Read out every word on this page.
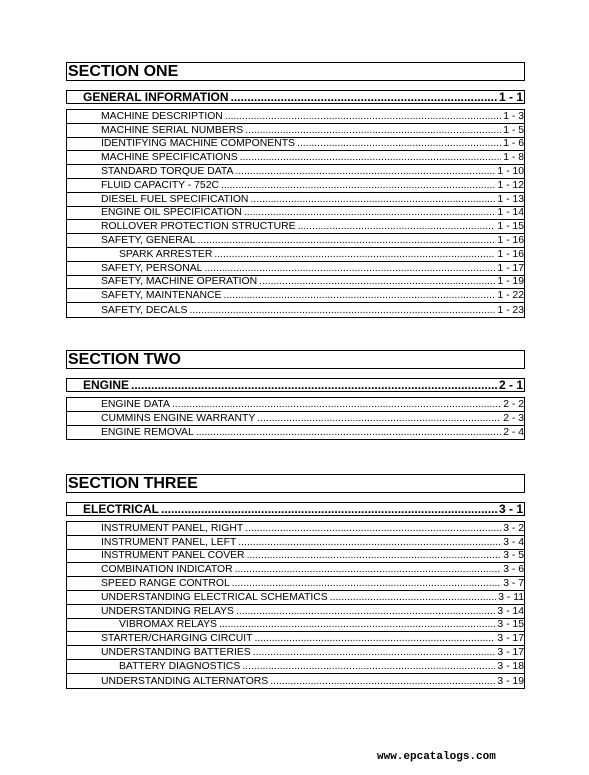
SECTION ONE
GENERAL INFORMATION .....	1 - 1
MACHINE DESCRIPTION .....	1 - 3
MACHINE SERIAL NUMBERS .....	1 - 5
IDENTIFYING MACHINE COMPONENTS .....	1 - 6
MACHINE SPECIFICATIONS .....	1 - 8
STANDARD TORQUE DATA .....	1 - 10
FLUID CAPACITY - 752C .....	1 - 12
DIESEL FUEL SPECIFICATION .....	1 - 13
ENGINE OIL SPECIFICATION .....	1 - 14
ROLLOVER PROTECTION STRUCTURE .....	1 - 15
SAFETY, GENERAL .....	1 - 16
SPARK ARRESTER .....	1 - 16
SAFETY, PERSONAL .....	1 - 17
SAFETY, MACHINE OPERATION .....	1 - 19
SAFETY, MAINTENANCE .....	1 - 22
SAFETY, DECALS .....	1 - 23
SECTION TWO
ENGINE .....	2 - 1
ENGINE DATA .....	2 - 2
CUMMINS ENGINE WARRANTY .....	2 - 3
ENGINE REMOVAL .....	2 - 4
SECTION THREE
ELECTRICAL .....	3 - 1
INSTRUMENT PANEL, RIGHT .....	3 - 2
INSTRUMENT PANEL, LEFT .....	3 - 4
INSTRUMENT PANEL COVER .....	3 - 5
COMBINATION INDICATOR .....	3 - 6
SPEED RANGE CONTROL .....	3 - 7
UNDERSTANDING ELECTRICAL SCHEMATICS .....	3 - 11
UNDERSTANDING RELAYS .....	3 - 14
VIBROMAX RELAYS .....	3 - 15
STARTER/CHARGING CIRCUIT .....	3 - 17
UNDERSTANDING BATTERIES .....	3 - 17
BATTERY DIAGNOSTICS .....	3 - 18
UNDERSTANDING ALTERNATORS .....	3 - 19
www.epcatalogs.com
